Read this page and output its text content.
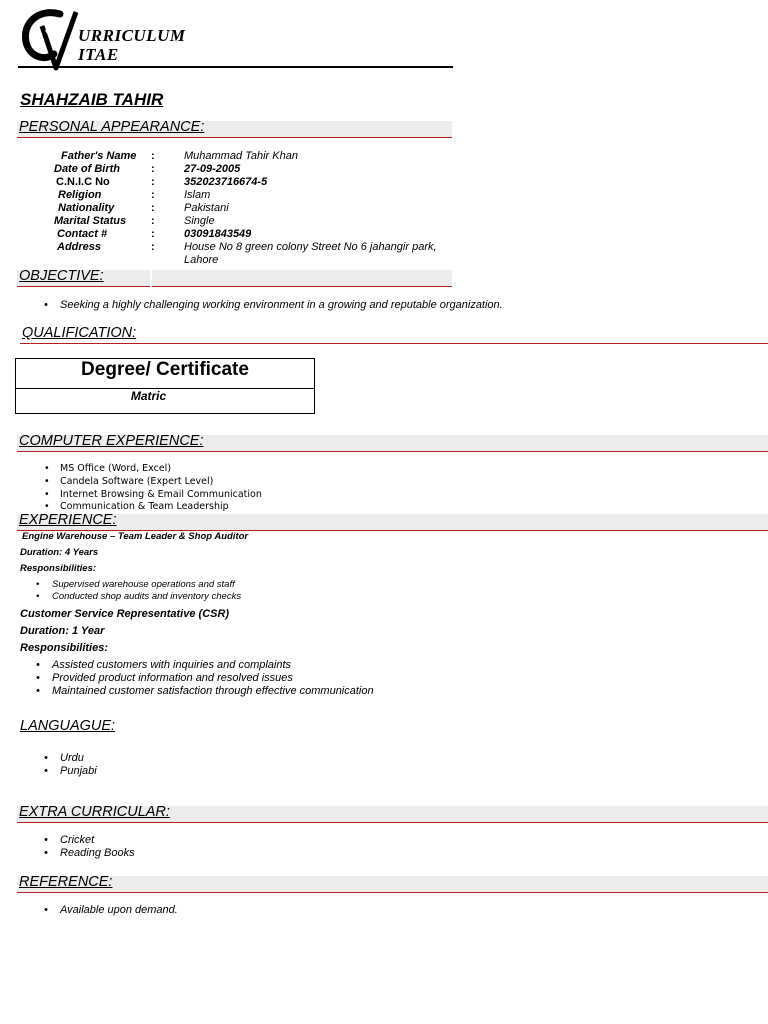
URRICULUM
ITAE
SHAHZAIB TAHIR
PERSONAL APPEARANCE:
Father's Name :	Muhammad Tahir Khan
Date of Birth	:	27-09-2005
C.N.I.C No	:	352023716674-5
Religion	:	Islam
Nationality	:	Pakistani
Marital Status :	Single
Contact #	:	03091843549
Address	:	House No 8 green colony Street No 6 jahangir park,
Lahore
OBJECTIVE:
• Seeking a highly challenging working environment in a growing and reputable organization.
QUALIFICATION:
Degree/ Certificate
Matric
COMPUTER EXPERIENCE:
• MS Office (Word, Excel)
• Candela Software (Expert Level)
• Internet Browsing & Email Communication
• Communication & Team Leadership
EXPERIENCE:
Engine Warehouse – Team Leader & Shop Auditor
Duration: 4 Years
Responsibilities:
• Supervised warehouse operations and staff
• Conducted shop audits and inventory checks
Customer Service Representative (CSR)
Duration: 1 Year
Responsibilities:
• Assisted customers with inquiries and complaints
• Provided product information and resolved issues
• Maintained customer satisfaction through effective communication
LANGUAGUE:
• Urdu
• Punjabi
EXTRA CURRICULAR:
• Cricket
• Reading Books
REFERENCE:
• Available upon demand.
